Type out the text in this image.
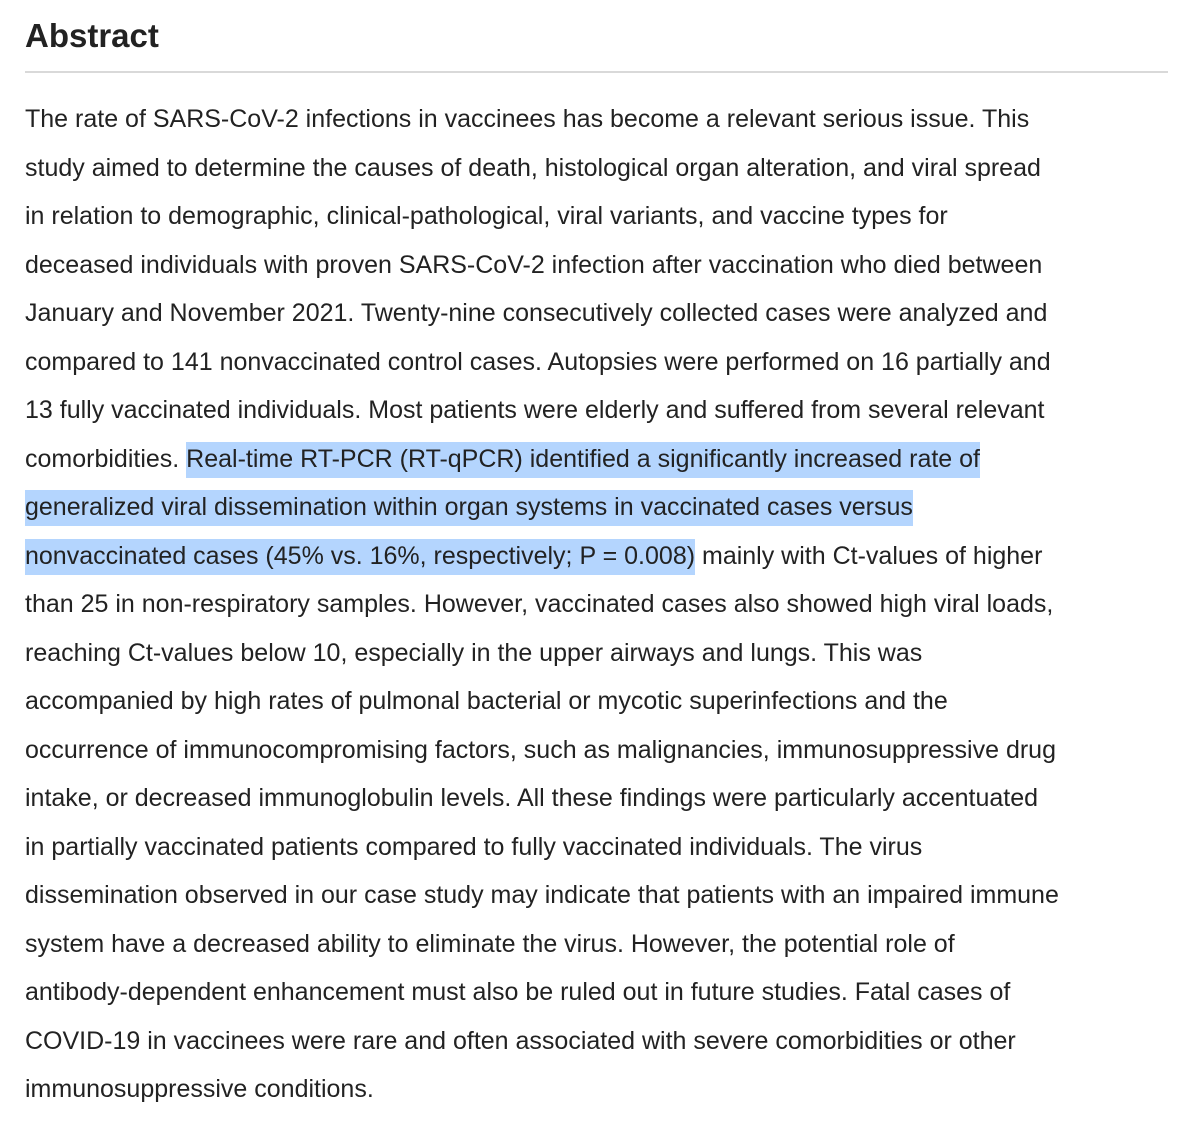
Abstract

The rate of SARS-CoV-2 infections in vaccinees has become a relevant serious issue. This
study aimed to determine the causes of death, histological organ alteration, and viral spread
in relation to demographic, clinical-pathological, viral variants, and vaccine types for
deceased individuals with proven SARS-CoV-2 infection after vaccination who died between
January and November 2021. Twenty-nine consecutively collected cases were analyzed and
compared to 141 nonvaccinated control cases. Autopsies were performed on 16 partially and
13 fully vaccinated individuals. Most patients were elderly and suffered from several relevant
comorbidities. Real-time RT-PCR (RT-qPCR) identified a significantly increased rate of
generalized viral dissemination within organ systems in vaccinated cases versus
nonvaccinated cases (45% vs. 16%, respectively; P = 0.008) mainly with Ct-values of higher
than 25 in non-respiratory samples. However, vaccinated cases also showed high viral loads,
reaching Ct-values below 10, especially in the upper airways and lungs. This was
accompanied by high rates of pulmonal bacterial or mycotic superinfections and the
occurrence of immunocompromising factors, such as malignancies, immunosuppressive drug
intake, or decreased immunoglobulin levels. All these findings were particularly accentuated
in partially vaccinated patients compared to fully vaccinated individuals. The virus
dissemination observed in our case study may indicate that patients with an impaired immune
system have a decreased ability to eliminate the virus. However, the potential role of
antibody-dependent enhancement must also be ruled out in future studies. Fatal cases of
COVID-19 in vaccinees were rare and often associated with severe comorbidities or other
immunosuppressive conditions.
